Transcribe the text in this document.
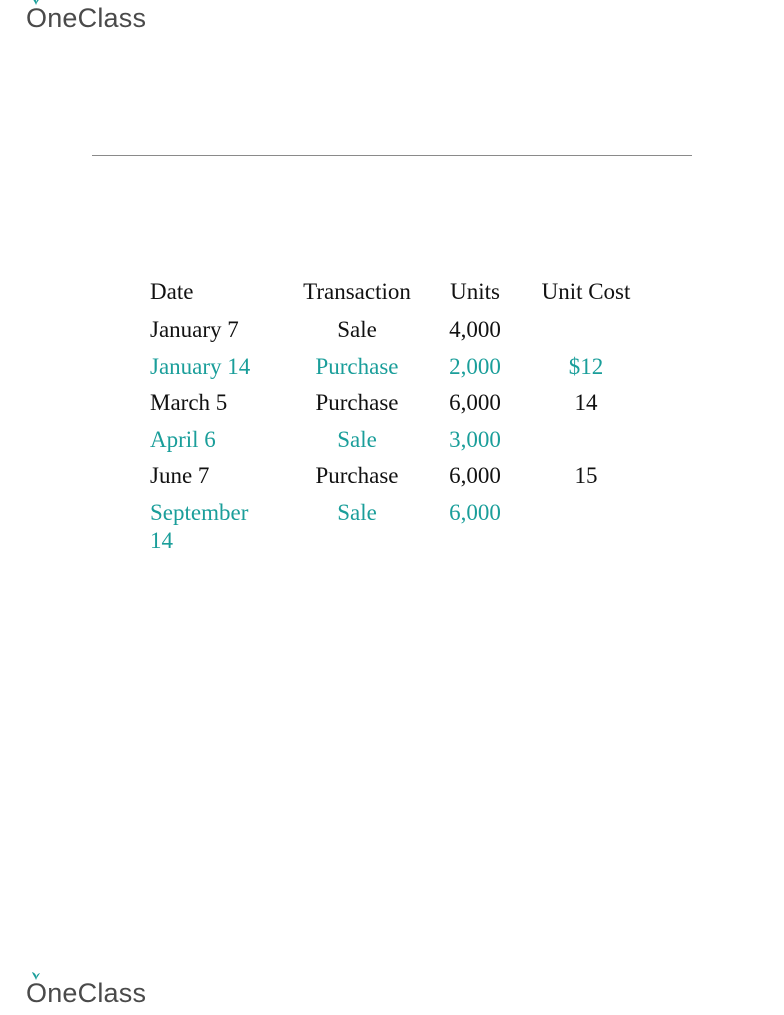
O neClass
Date	Transaction	Units	Unit Cost
January 7	Sale	4,000	
January 14	Purchase	2,000	$12
March 5	Purchase	6,000	14
April 6	Sale	3,000	
June 7	Purchase	6,000	15

September 14	Sale	6,000	
O neClass
